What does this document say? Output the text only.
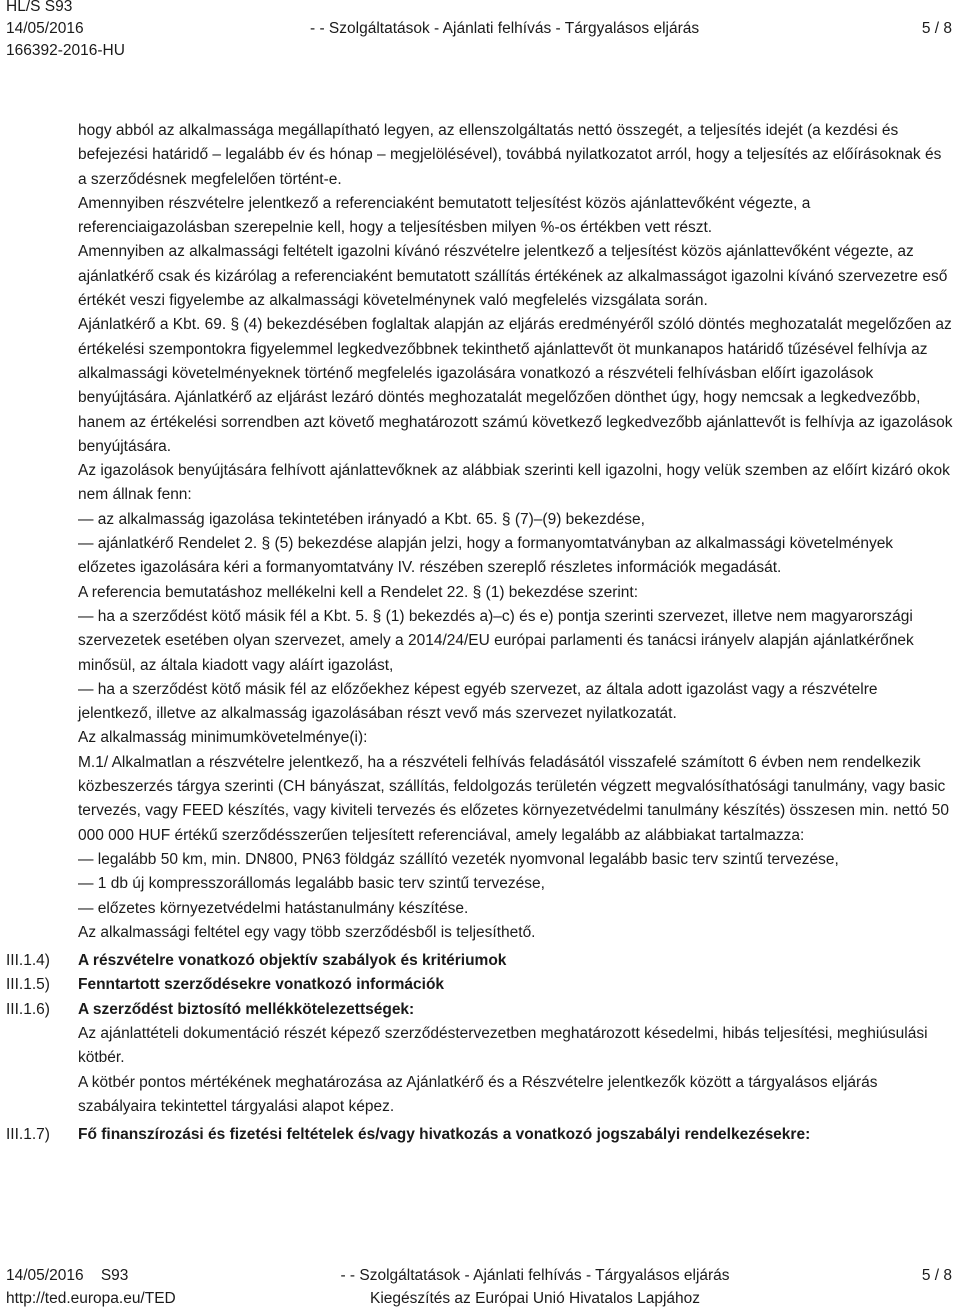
HL/S S93
14/05/2016
166392-2016-HU
- - Szolgáltatások - Ajánlati felhívás - Tárgyalásos eljárás	5 / 8

hogy abból az alkalmassága megállapítható legyen, az ellenszolgáltatás nettó összegét, a teljesítés idejét (a kezdési és befejezési határidő – legalább év és hónap – megjelölésével), továbbá nyilatkozatot arról, hogy a teljesítés az előírásoknak és a szerződésnek megfelelően történt-e.

Amennyiben részvételre jelentkező a referenciaként bemutatott teljesítést közös ajánlattevőként végezte, a referenciaigazolásban szerepelnie kell, hogy a teljesítésben milyen %-os értékben vett részt.

Amennyiben az alkalmassági feltételt igazolni kívánó részvételre jelentkező a teljesítést közös ajánlattevőként végezte, az ajánlatkérő csak és kizárólag a referenciaként bemutatott szállítás értékének az alkalmasságot igazolni kívánó szervezetre eső értékét veszi figyelembe az alkalmassági követelménynek való megfelelés vizsgálata során.

Ajánlatkérő a Kbt. 69. § (4) bekezdésében foglaltak alapján az eljárás eredményéről szóló döntés meghozatalát megelőzően az értékelési szempontokra figyelemmel legkedvezőbbnek tekinthető ajánlattevőt öt munkanapos határidő tűzésével felhívja az alkalmassági követelményeknek történő megfelelés igazolására vonatkozó a részvételi felhívásban előírt igazolások benyújtására. Ajánlatkérő az eljárást lezáró döntés meghozatalát megelőzően dönthet úgy, hogy nemcsak a legkedvezőbb, hanem az értékelési sorrendben azt követő meghatározott számú következő legkedvezőbb ajánlattevőt is felhívja az igazolások benyújtására.

Az igazolások benyújtására felhívott ajánlattevőknek az alábbiak szerinti kell igazolni, hogy velük szemben az előírt kizáró okok nem állnak fenn:

— az alkalmasság igazolása tekintetében irányadó a Kbt. 65. § (7)–(9) bekezdése,

— ajánlatkérő Rendelet 2. § (5) bekezdése alapján jelzi, hogy a formanyomtatványban az alkalmassági követelmények előzetes igazolására kéri a formanyomtatvány IV. részében szereplő részletes információk megadását.

A referencia bemutatáshoz mellékelni kell a Rendelet 22. § (1) bekezdése szerint:

— ha a szerződést kötő másik fél a Kbt. 5. § (1) bekezdés a)–c) és e) pontja szerinti szervezet, illetve nem magyarországi szervezetek esetében olyan szervezet, amely a 2014/24/EU európai parlamenti és tanácsi irányelv alapján ajánlatkérőnek minősül, az általa kiadott vagy aláírt igazolást,

— ha a szerződést kötő másik fél az előzőekhez képest egyéb szervezet, az általa adott igazolást vagy a részvételre jelentkező, illetve az alkalmasság igazolásában részt vevő más szervezet nyilatkozatát.

Az alkalmasság minimumkövetelménye(i):

M.1/ Alkalmatlan a részvételre jelentkező, ha a részvételi felhívás feladásától visszafelé számított 6 évben nem rendelkezik közbeszerzés tárgya szerinti (CH bányászat, szállítás, feldolgozás területén végzett megvalósíthatósági tanulmány, vagy basic tervezés, vagy FEED készítés, vagy kiviteli tervezés és előzetes környezetvédelmi tanulmány készítés) összesen min. nettó 50 000 000 HUF értékű szerződésszerűen teljesített referenciával, amely legalább az alábbiakat tartalmazza:

— legalább 50 km, min. DN800, PN63 földgáz szállító vezeték nyomvonal legalább basic terv szintű tervezése,

— 1 db új kompresszorállomás legalább basic terv szintű tervezése,

— előzetes környezetvédelmi hatástanulmány készítése.

Az alkalmassági feltétel egy vagy több szerződésből is teljesíthető.

III.1.4) A részvételre vonatkozó objektív szabályok és kritériumok
III.1.5) Fenntartott szerződésekre vonatkozó információk
III.1.6) A szerződést biztosító mellékkötelezettségek:

Az ajánlattételi dokumentáció részét képező szerződéstervezetben meghatározott késedelmi, hibás teljesítési, meghiúsulási kötbér.

A kötbér pontos mértékének meghatározása az Ajánlatkérő és a Részvételre jelentkezők között a tárgyalásos eljárás szabályaira tekintettel tárgyalási alapot képez.

III.1.7) Fő finanszírozási és fizetési feltételek és/vagy hivatkozás a vonatkozó jogszabályi rendelkezésekre:
14/05/2016 S93
http://ted.europa.eu/TED
- - Szolgáltatások - Ajánlati felhívás - Tárgyalásos eljárás
Kiegészítés az Európai Unió Hivatalos Lapjához
5 / 8
